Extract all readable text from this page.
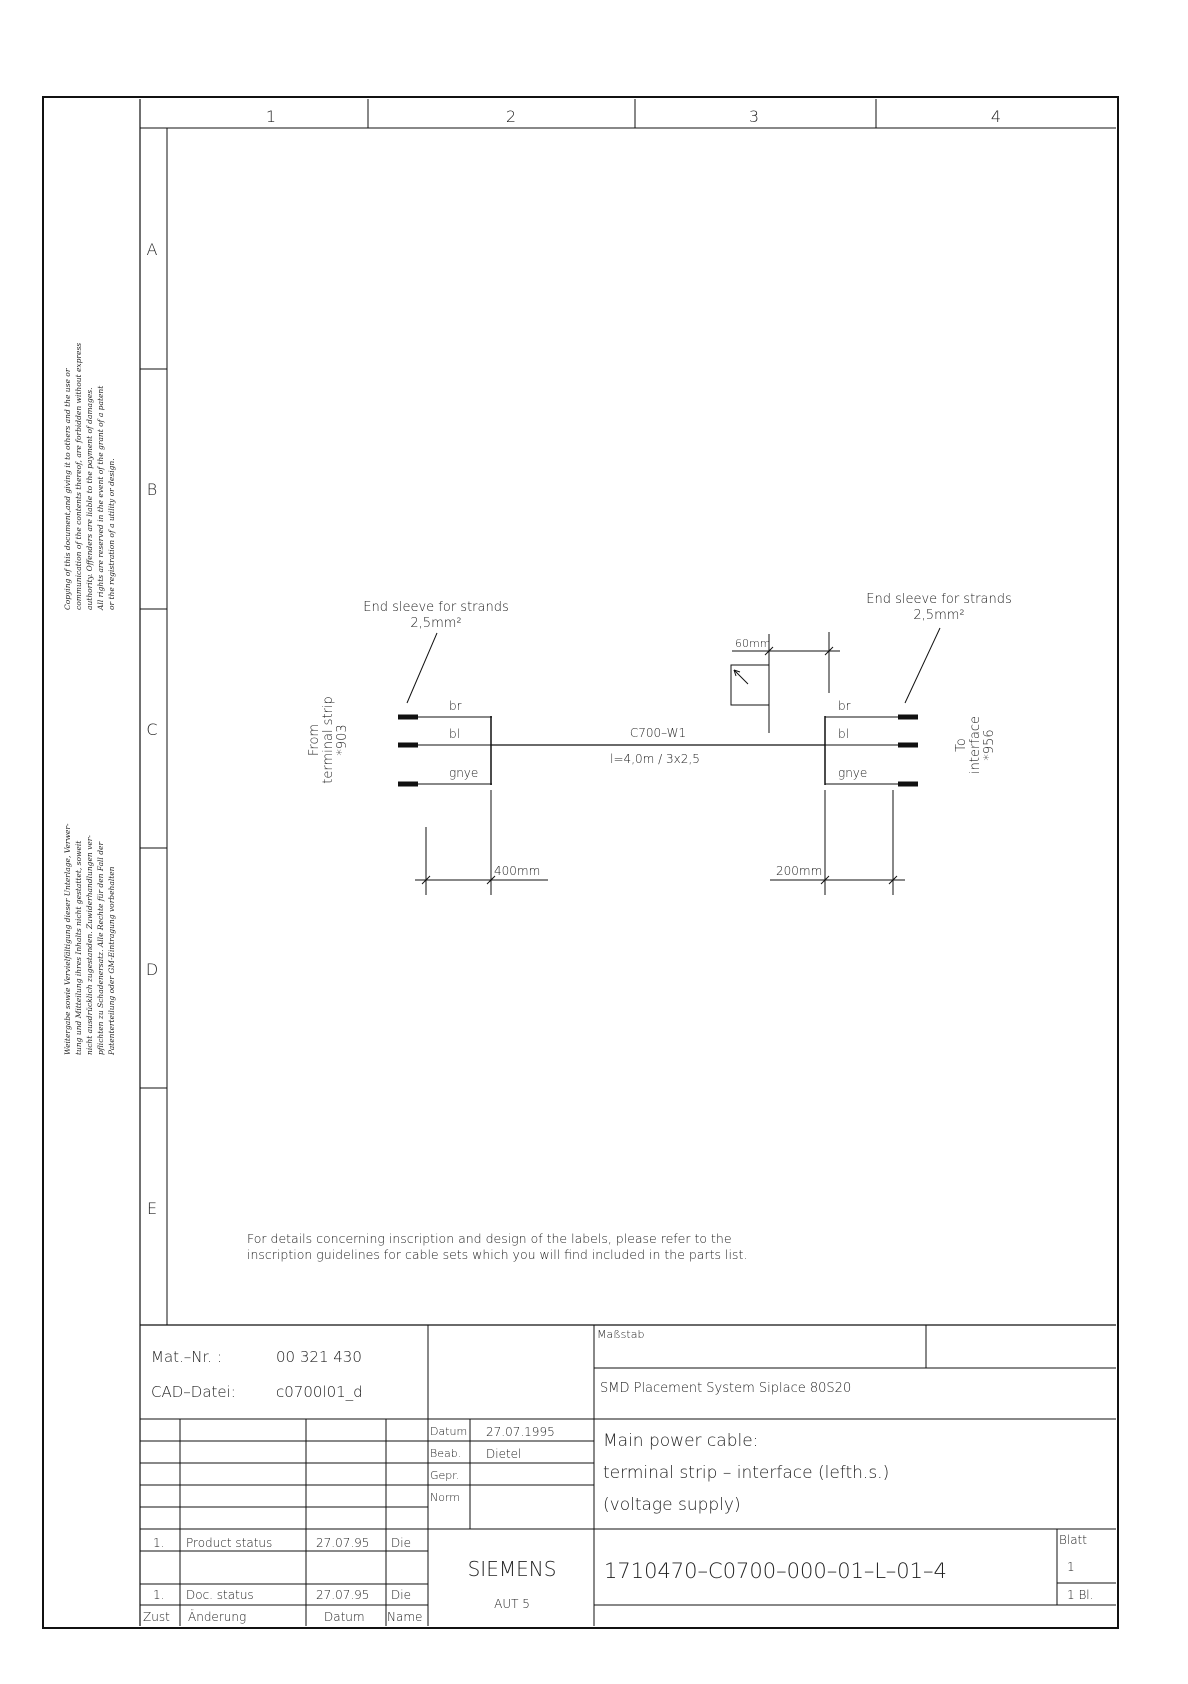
1	2	3	4
A
B
C
D
E
Copying of this document,and giving it to others and the use or communication of the contents thereof, are forbidden without express authority. Offenders are liable to the payment of damages. All rights are reserved in the event of the grant of a patent or the registration of a utility or design.
Weitergabe sowie Vervielfältigung dieser Unterlage, Verwer- tung und Mitteilung ihres Inhalts nicht gestattet, soweit nicht ausdrücklich zugestanden. Zuwiderhandlungen ver- pflichten zu Schadenersatz. Alle Rechte für den Fall der Patenterteilung oder GM-Eintragung vorbehalten
End sleeve for strands
2,5mm²
End sleeve for strands
2,5mm²
From terminal strip *903	To interface *956
br
bl
gnye
C700–W1
l=4,0m / 3x2,5
br
bl
gnye
60mm
400mm	200mm
For details concerning inscription and design of the labels, please refer to the
inscription guidelines for cable sets which you will find included in the parts list.
Mat.–Nr. :	00 321 430
CAD–Datei:	c0700l01_d
Maßstab
SMD Placement System Siplace 80S20
Datum 27.07.1995
Beab. Dietel
Gepr.
Norm
Main power cable:
terminal strip – interface (lefth.s.)
(voltage supply)
1. Product status	27.07.95 Die
1. Doc. status	27.07.95 Die
Zust Änderung	Datum Name
SIEMENS
AUT 5
1710470–C0700–000–01–L–01–4
Blatt
1
1 Bl.
